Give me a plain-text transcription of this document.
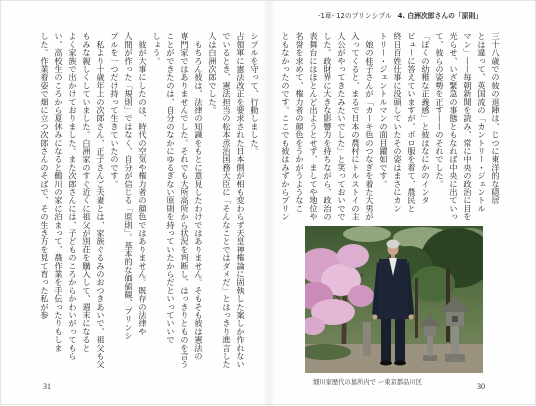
-1章- 12のプリンシプル 4. 白洲次郎さんの「原則」
シプルを守って、行動しました。
占領軍に憲法改正を要求された日本側が相も変わらず天皇神権論に固執した案しか作れない
でいるとき、憲法担当の松本烝治国務大臣に「そんなことではダメだ」とはっきり進言した
人は白洲次郎でした。
　もちろん彼は、法律の知識をもとに意見したわけではありません。そもそも彼は憲法の
専門家ではありませんでした。それでも大所高所から状況を判断し、はっきりとものを言う
ことができたのは、自分のなかにゆるぎない原則を持っていたからだといっていいで
しょう。
　彼が大事にしたのは、時代の空気や権力者の顔色ではありません。既存の法律や
人間が作った「規則」ではなく、自分が信じる「原則」。基本的な価値観、プリンシ
プルを一つだけ持って生きていたのです。
　私より十歳年上の次郎さん、正子さんご夫妻とは、家族ぐるみのおつきあいで、祖父も父
もみな親しくしていました。白洲家のすぐ近くに祖父が別荘を購入して、週末になると
よく家族で出かけておりました。また次郎さんには、子どものころからかわいがってもら
い、高校生のころから夏休みになると鶴川の家に泊まって、農作業を手伝ったりもしま
した。作業着姿で畑に立つ次郎さんのそばで、その生き方を見て育った私が参	三十八歳での彼の退陣は、じつに東洋的な隠居
とは違って、英国流の「カントリー・ジェントル
マン」——毎朝新聞を読み、常に中央の政治に目を
光らせ、いざ緊急の事態ともなれば中央に出ていっ
て、彼らの姿勢を正す——のそれでした。
「ぼくの幼稚な正義感」と彼はなにかのインタ
ビューに答えていますが、ボロ服を着て、農民と
終日百姓仕事に没頭していたその姿はまさにカン
トリー・ジェントルマンの面目躍如です。
　娘の桂子さんが「カーキ色のつなぎを着た大男が
入ってくると、まるで日本の農村にトルストイの主
人公がやってきたみたいでした」と笑っておいでで
した。政財界に大きな影響力を持ちながら、政治の
表舞台にはほとんど出ようとせず、ましてや地位や
名誉を求めて、権力者の顔色をうかがうようなこ
ともなかったのです。ここでも彼はみずからプリン
細川家歴代の墓所内で ー東京都品川区
31	30
